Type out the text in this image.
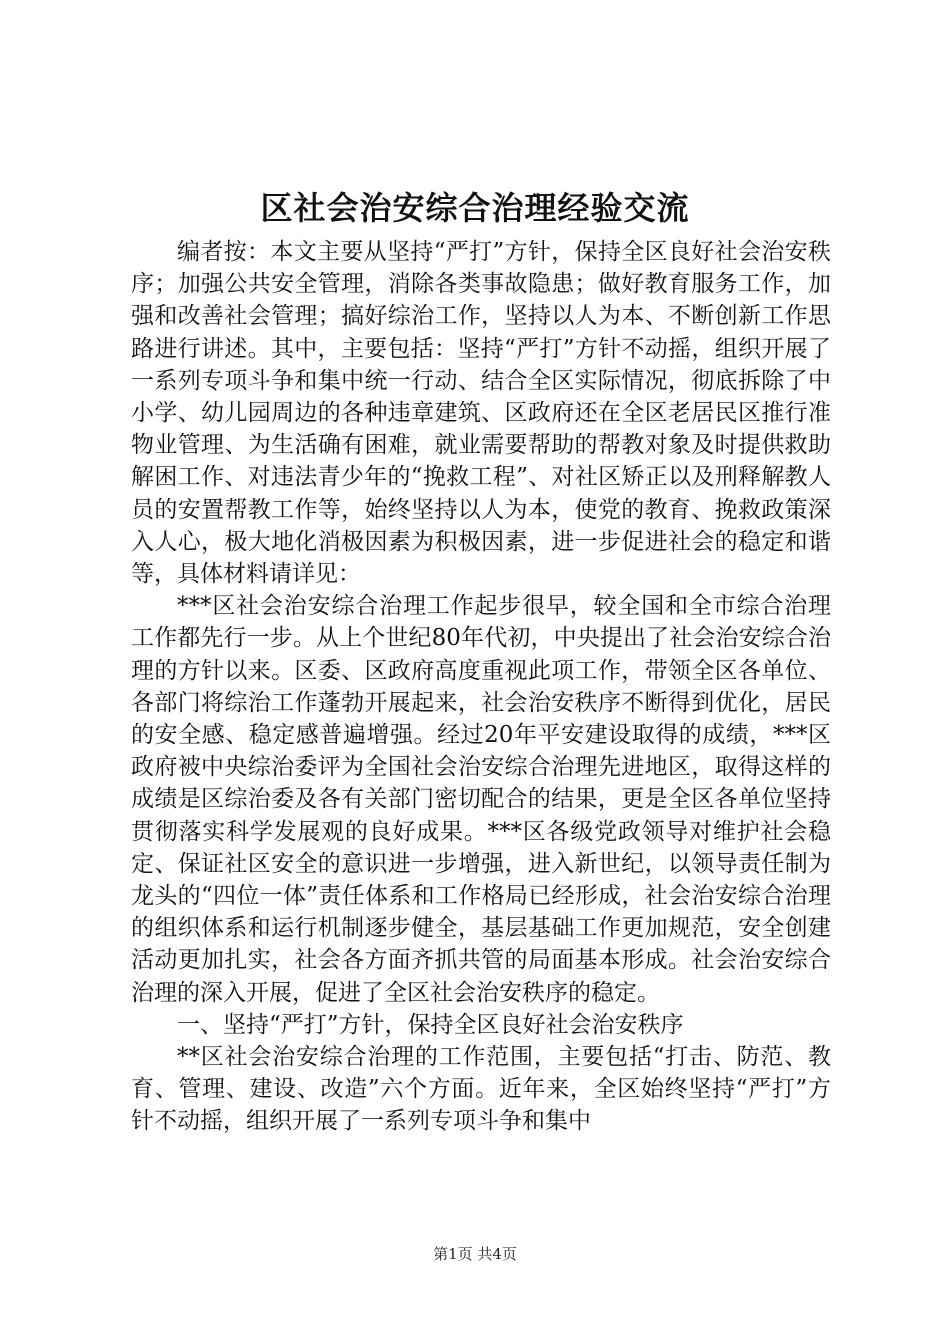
区社会治安综合治理经验交流

编者按：本文主要从坚持“严打”方针，保持全区良好社会治安秩序；加强公共安全管理，消除各类事故隐患；做好教育服务工作，加强和改善社会管理；搞好综治工作，坚持以人为本、不断创新工作思路进行讲述。其中，主要包括：坚持“严打”方针不动摇，组织开展了一系列专项斗争和集中统一行动、结合全区实际情况，彻底拆除了中小学、幼儿园周边的各种违章建筑、区政府还在全区老居民区推行准物业管理、为生活确有困难，就业需要帮助的帮教对象及时提供救助解困工作、对违法青少年的“挽救工程”、对社区矫正以及刑释解教人员的安置帮教工作等，始终坚持以人为本，使党的教育、挽救政策深入人心，极大地化消极因素为积极因素，进一步促进社会的稳定和谐等，具体材料请详见：

***区社会治安综合治理工作起步很早，较全国和全市综合治理工作都先行一步。从上个世纪80年代初，中央提出了社会治安综合治理的方针以来。区委、区政府高度重视此项工作，带领全区各单位、各部门将综治工作蓬勃开展起来，社会治安秩序不断得到优化，居民的安全感、稳定感普遍增强。经过20年平安建设取得的成绩，***区政府被中央综治委评为全国社会治安综合治理先进地区，取得这样的成绩是区综治委及各有关部门密切配合的结果，更是全区各单位坚持贯彻落实科学发展观的良好成果。***区各级党政领导对维护社会稳定、保证社区安全的意识进一步增强，进入新世纪，以领导责任制为龙头的“四位一体”责任体系和工作格局已经形成，社会治安综合治理的组织体系和运行机制逐步健全，基层基础工作更加规范，安全创建活动更加扎实，社会各方面齐抓共管的局面基本形成。社会治安综合治理的深入开展，促进了全区社会治安秩序的稳定。

一、坚持“严打”方针，保持全区良好社会治安秩序

**区社会治安综合治理的工作范围，主要包括“打击、防范、教育、管理、建设、改造”六个方面。近年来，全区始终坚持“严打”方针不动摇，组织开展了一系列专项斗争和集中

第1页 共4页
